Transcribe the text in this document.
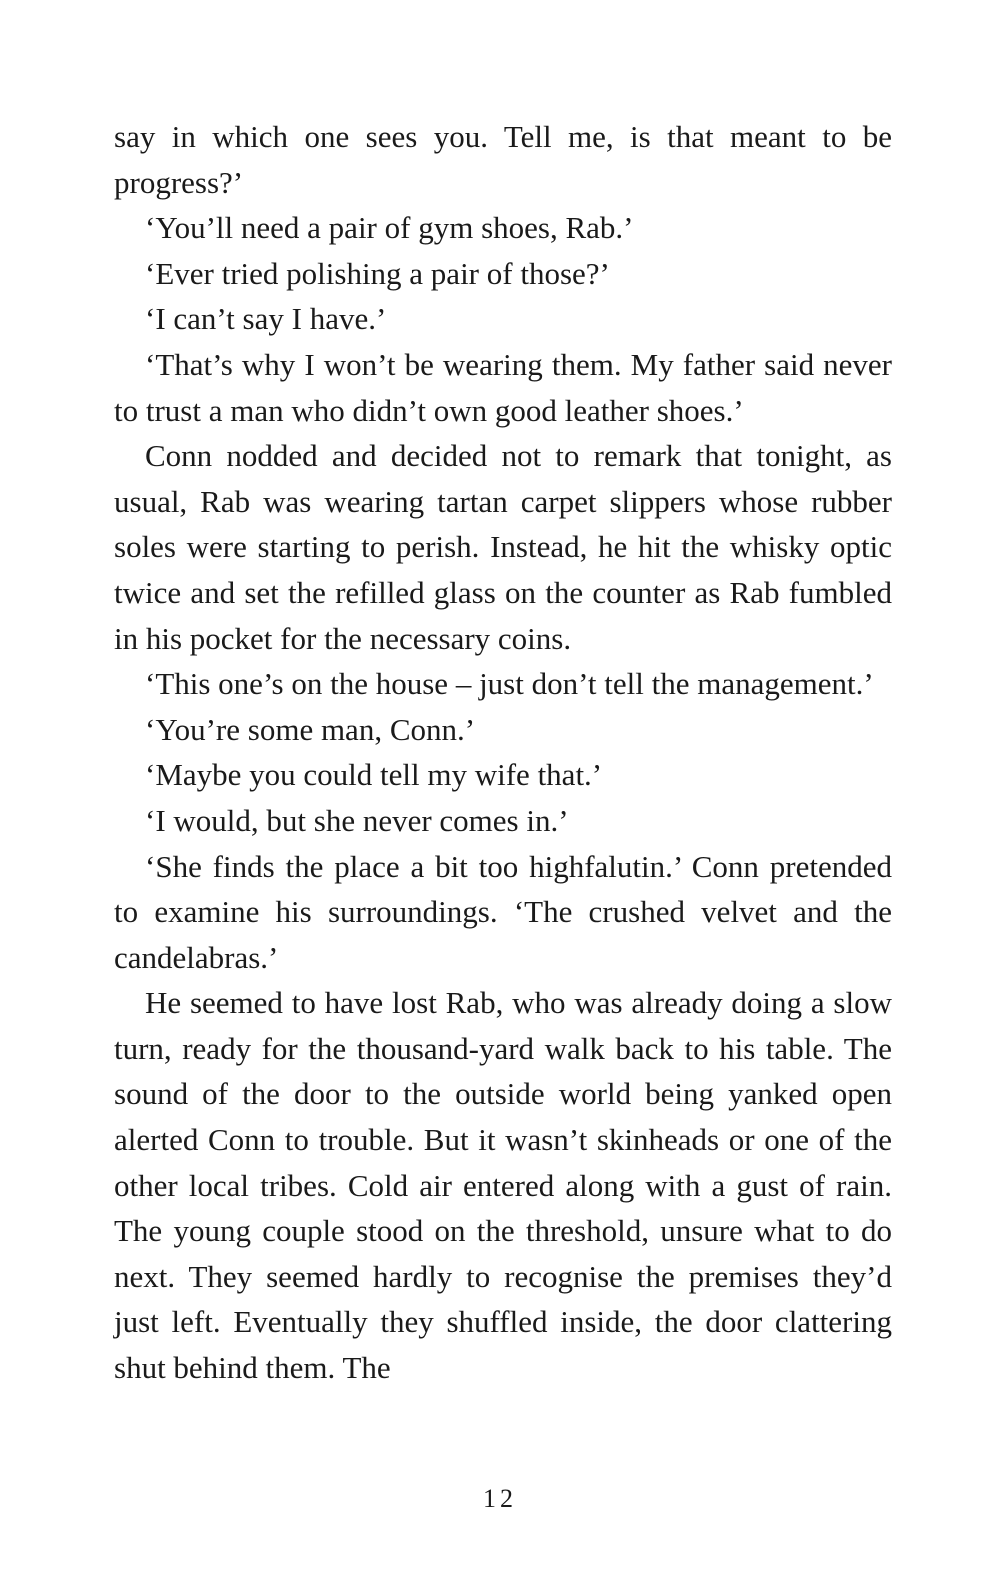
say in which one sees you. Tell me, is that meant to be progress?’

‘You’ll need a pair of gym shoes, Rab.’

‘Ever tried polishing a pair of those?’

‘I can’t say I have.’

‘That’s why I won’t be wearing them. My father said never to trust a man who didn’t own good leather shoes.’

Conn nodded and decided not to remark that tonight, as usual, Rab was wearing tartan carpet slippers whose rubber soles were starting to perish. Instead, he hit the whisky optic twice and set the refilled glass on the counter as Rab fumbled in his pocket for the necessary coins.

‘This one’s on the house – just don’t tell the management.’

‘You’re some man, Conn.’

‘Maybe you could tell my wife that.’

‘I would, but she never comes in.’

‘She finds the place a bit too highfalutin.’ Conn pretended to examine his surroundings. ‘The crushed velvet and the candelabras.’

He seemed to have lost Rab, who was already doing a slow turn, ready for the thousand-yard walk back to his table. The sound of the door to the outside world being yanked open alerted Conn to trouble. But it wasn’t skinheads or one of the other local tribes. Cold air entered along with a gust of rain. The young couple stood on the threshold, unsure what to do next. They seemed hardly to recognise the premises they’d just left. Eventually they shuffled inside, the door clattering shut behind them. The

12
